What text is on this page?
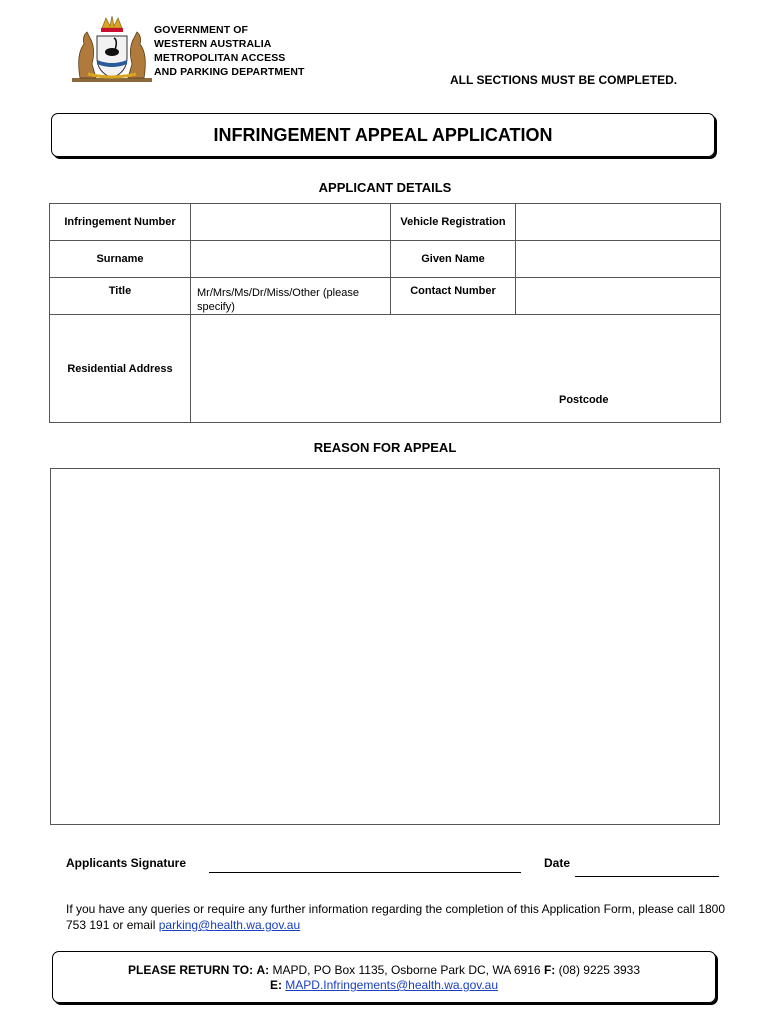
GOVERNMENT OF
WESTERN AUSTRALIA
METROPOLITAN ACCESS
AND PARKING DEPARTMENT
ALL SECTIONS MUST BE COMPLETED.
INFRINGEMENT APPEAL APPLICATION
APPLICANT DETAILS
Infringement Number		Vehicle Registration	
Surname		Given Name	
Title	Mr/Mrs/Ms/Dr/Miss/Other (please specify)	Contact Number	
Residential Address	Postcode		
REASON FOR APPEAL
Applicants Signature	Date
If you have any queries or require any further information regarding the completion of this Application Form, please call 1800 753 191 or email parking@health.wa.gov.au
PLEASE RETURN TO: A: MAPD, PO Box 1135, Osborne Park DC, WA 6916 F: (08) 9225 3933
E: MAPD.Infringements@health.wa.gov.au
